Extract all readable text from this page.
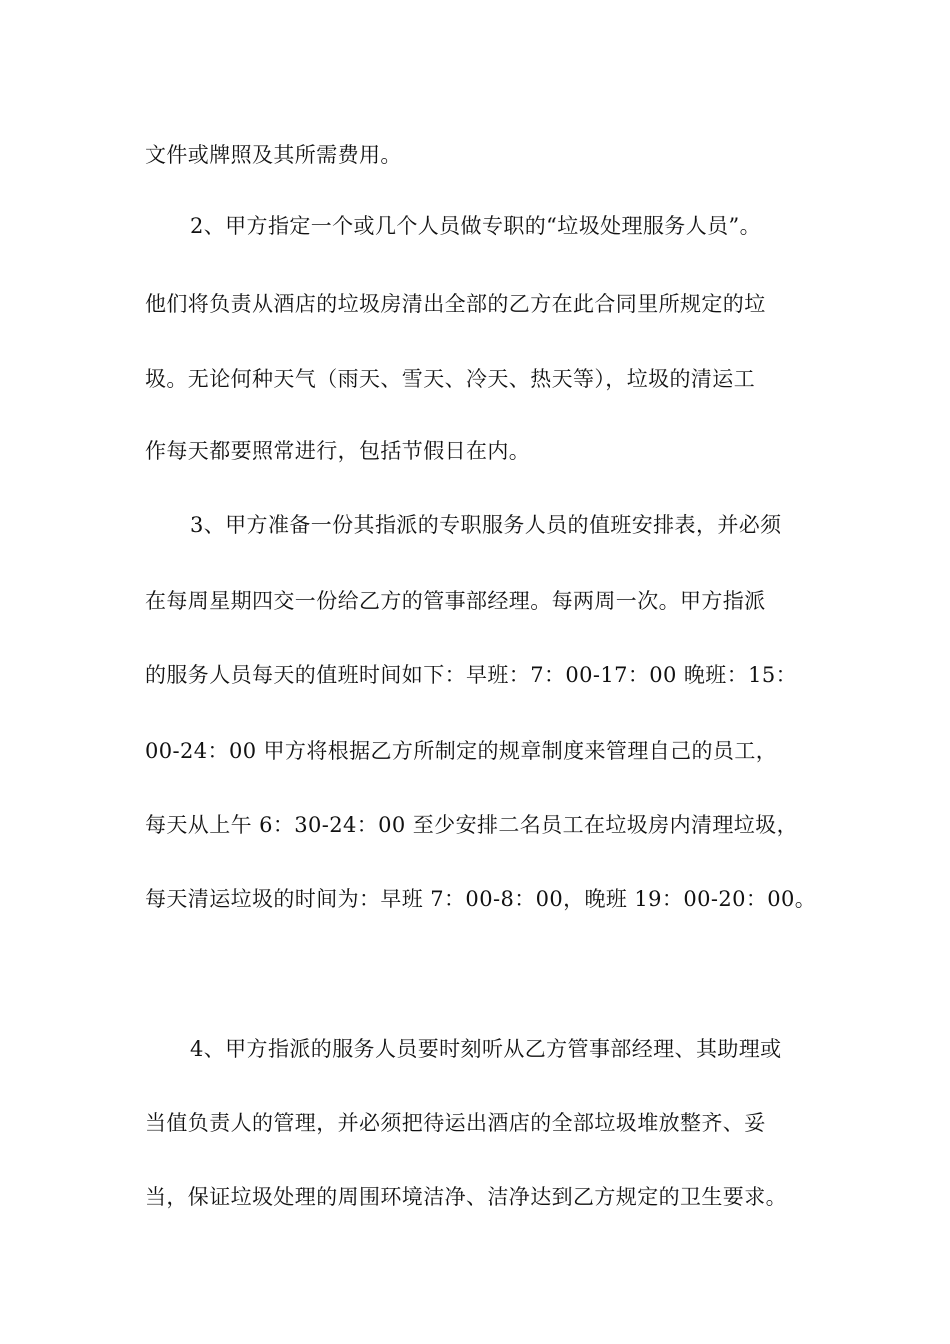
文件或牌照及其所需费用。
2、甲方指定一个或几个人员做专职的“垃圾处理服务人员”。
他们将负责从酒店的垃圾房清出全部的乙方在此合同里所规定的垃
圾。无论何种天气（雨天、雪天、冷天、热天等），垃圾的清运工
作每天都要照常进行，包括节假日在内。
3、甲方准备一份其指派的专职服务人员的值班安排表，并必须
在每周星期四交一份给乙方的管事部经理。每两周一次。甲方指派
的服务人员每天的值班时间如下：早班：7：00-17：00 晚班：15：
00-24：00 甲方将根据乙方所制定的规章制度来管理自己的员工，
每天从上午 6：30-24：00 至少安排二名员工在垃圾房内清理垃圾，
每天清运垃圾的时间为：早班 7：00-8：00，晚班 19：00-20：00。
4、甲方指派的服务人员要时刻听从乙方管事部经理、其助理或
当值负责人的管理，并必须把待运出酒店的全部垃圾堆放整齐、妥
当，保证垃圾处理的周围环境洁净、洁净达到乙方规定的卫生要求。
